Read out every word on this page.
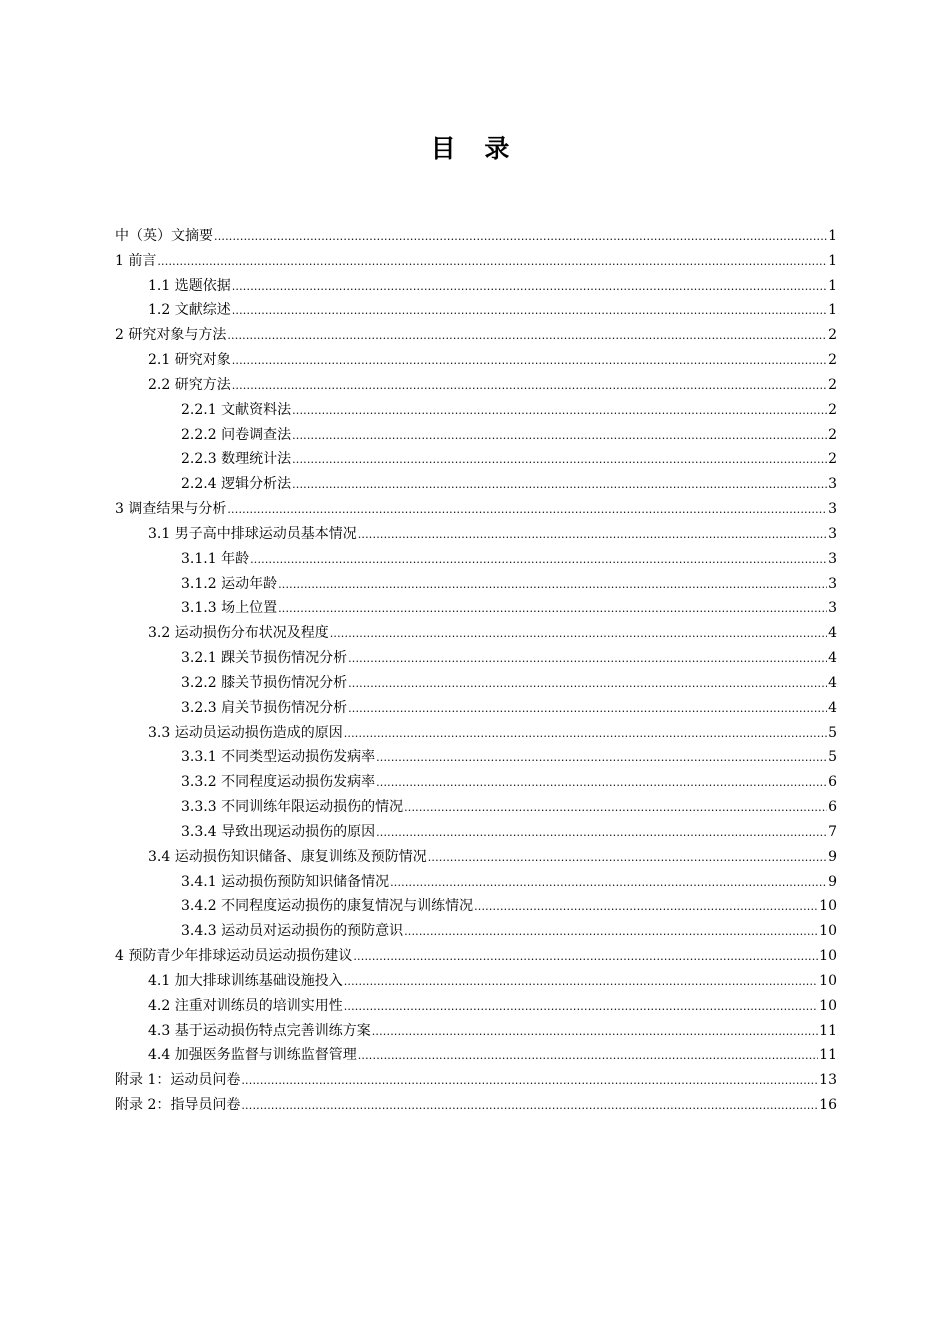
目 录
中（英）文摘要 .....	1
1 前言 .....	1
1.1 选题依据 .....	1
1.2 文献综述 .....	1
2 研究对象与方法 .....	2
2.1 研究对象 .....	2
2.2 研究方法 .....	2
2.2.1 文献资料法 .....	2
2.2.2 问卷调查法 .....	2
2.2.3 数理统计法 .....	2
2.2.4 逻辑分析法 .....	3
3 调查结果与分析 .....	3
3.1 男子高中排球运动员基本情况 .....	3
3.1.1 年龄 .....	3
3.1.2 运动年龄 .....	3
3.1.3 场上位置 .....	3
3.2 运动损伤分布状况及程度 .....	4
3.2.1 踝关节损伤情况分析 .....	4
3.2.2 膝关节损伤情况分析 .....	4
3.2.3 肩关节损伤情况分析 .....	4
3.3 运动员运动损伤造成的原因 .....	5
3.3.1 不同类型运动损伤发病率 .....	5
3.3.2 不同程度运动损伤发病率 .....	6
3.3.3 不同训练年限运动损伤的情况 .....	6
3.3.4 导致出现运动损伤的原因 .....	7
3.4 运动损伤知识储备、康复训练及预防情况 .....	9
3.4.1 运动损伤预防知识储备情况 .....	9
3.4.2 不同程度运动损伤的康复情况与训练情况 .....	10
3.4.3 运动员对运动损伤的预防意识 .....	10
4 预防青少年排球运动员运动损伤建议 .....	10
4.1 加大排球训练基础设施投入 .....	10
4.2 注重对训练员的培训实用性 .....	10
4.3 基于运动损伤特点完善训练方案 .....	11
4.4 加强医务监督与训练监督管理 .....	11
附录 1：运动员问卷 .....	13
附录 2：指导员问卷 .....	16
